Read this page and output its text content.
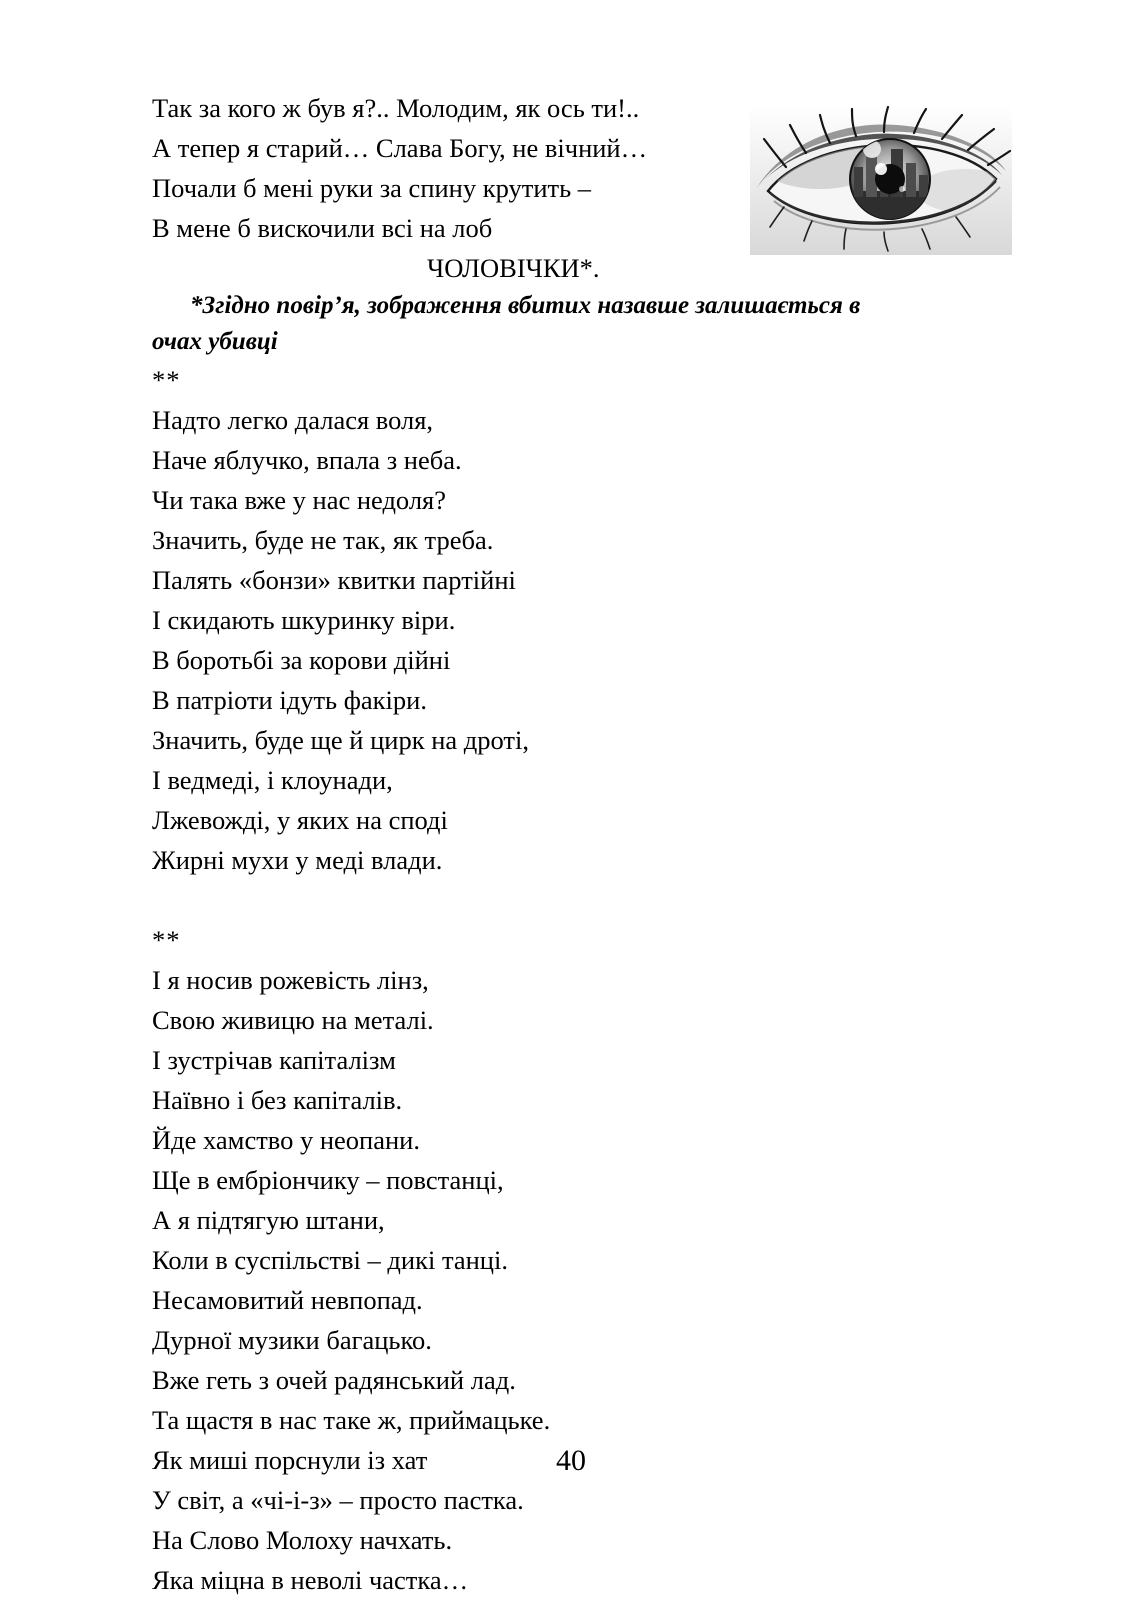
Так за кого ж був я?.. Молодим, як ось ти!..
А тепер я старий… Слава Богу, не вічний…
Почали б мені руки за спину крутить –
В мене б вискочили всі на лоб
ЧОЛОВІЧКИ*.
*Згідно повір’я, зображення вбитих назавше залишається в
очах убивці
**
Надто легко далася воля,
Наче яблучко, впала з неба.
Чи така вже у нас недоля?
Значить, буде не так, як треба.
Палять «бонзи» квитки партійні
І скидають шкуринку віри.
В боротьбі за корови дійні
В патріоти ідуть факіри.
Значить, буде ще й цирк на дроті,
І ведмеді, і клоунади,
Лжевожді, у яких на споді
Жирні мухи у меді влади.
**
І я носив рожевість лінз,
Свою живицю на металі.
І зустрічав капіталізм
Наївно і без капіталів.
Йде хамство у неопани.
Ще в ембріончику – повстанці,
А я підтягую штани,
Коли в суспільстві – дикі танці.
Несамовитий невпопад.
Дурної музики багацько.
Вже геть з очей радянський лад.
Та щастя в нас таке ж, приймацьке.
Як миші порснули із хат
У світ, а «чі-і-з» – просто пастка.
На Слово Молоху начхать.
Яка міцна в неволі частка…
40
